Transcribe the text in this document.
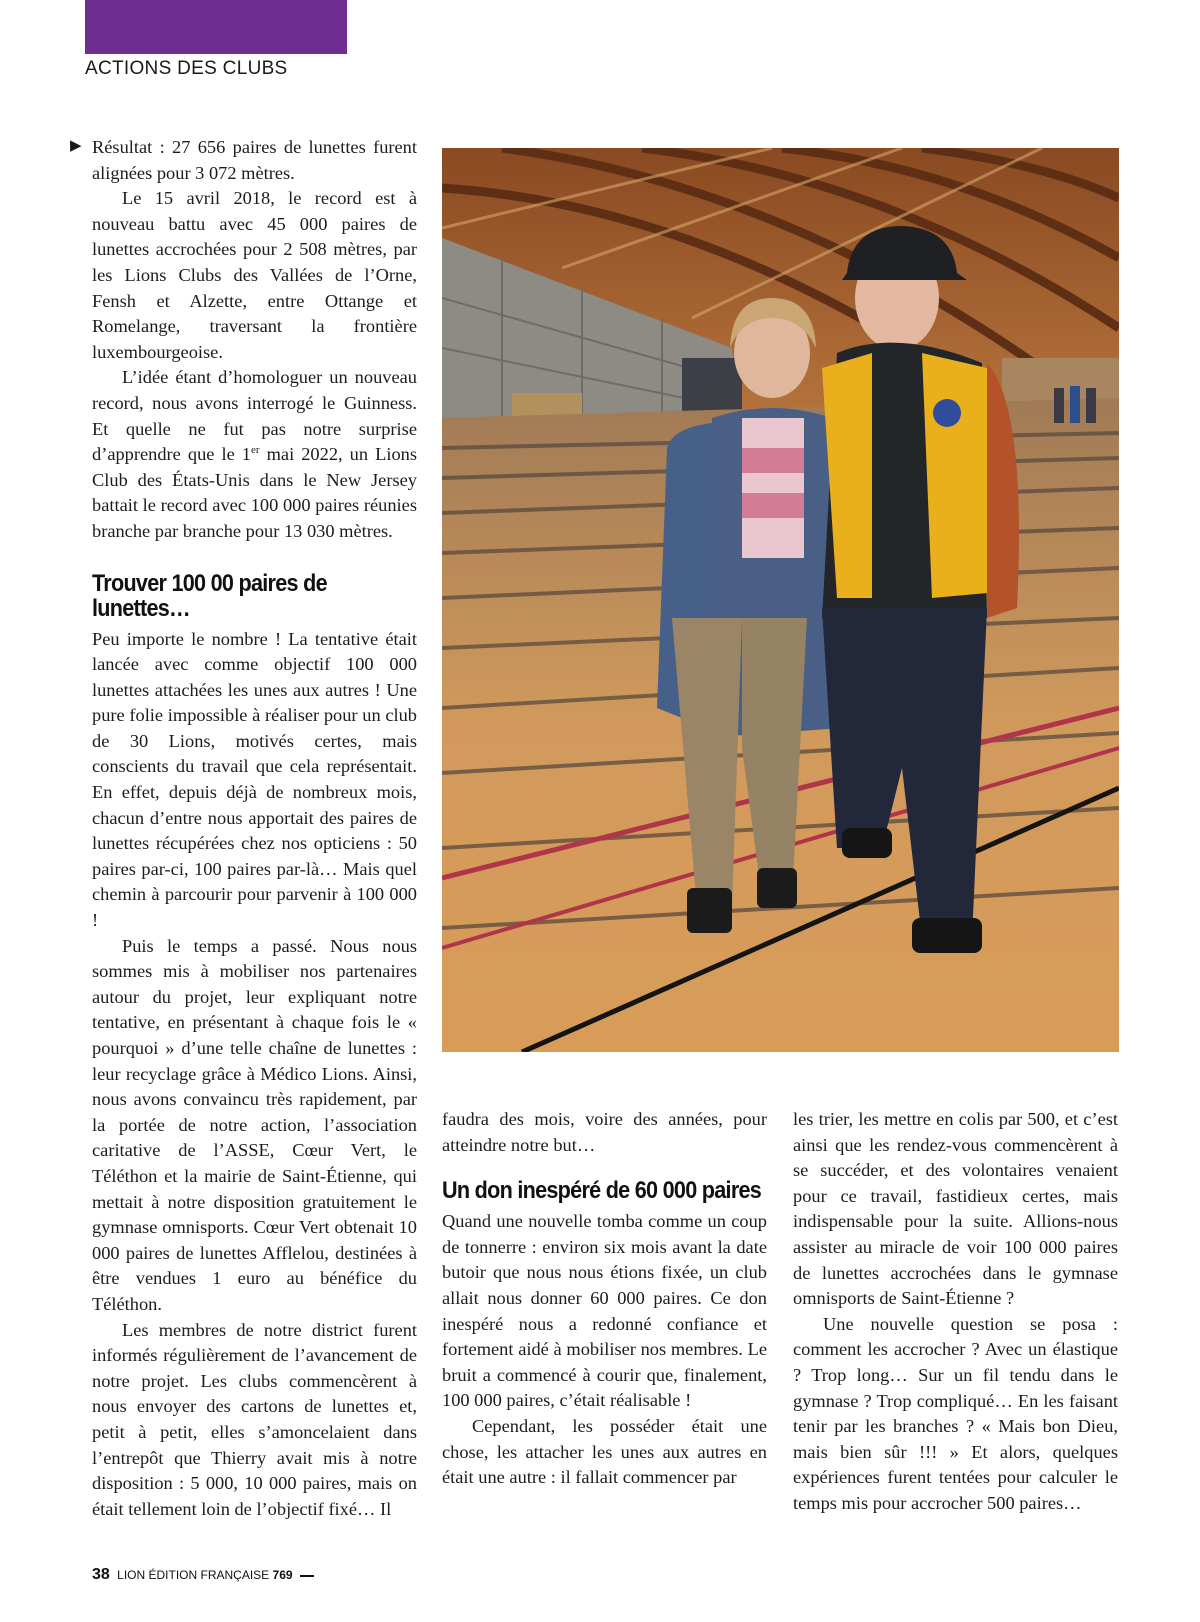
ACTIONS DES CLUBS
▶ Résultat : 27 656 paires de lunettes furent alignées pour 3 072 mètres.

Le 15 avril 2018, le record est à nouveau battu avec 45 000 paires de lunettes accrochées pour 2 508 mètres, par les Lions Clubs des Vallées de l’Orne, Fensh et Alzette, entre Ottange et Romelange, traversant la frontière luxembourgeoise.

L’idée étant d’homologuer un nouveau record, nous avons interrogé le Guinness. Et quelle ne fut pas notre surprise d’apprendre que le 1er mai 2022, un Lions Club des États-Unis dans le New Jersey battait le record avec 100 000 paires réunies branche par branche pour 13 030 mètres.

Trouver 100 00 paires de lunettes…

Peu importe le nombre ! La tentative était lancée avec comme objectif 100 000 lunettes attachées les unes aux autres ! Une pure folie impossible à réaliser pour un club de 30 Lions, motivés certes, mais conscients du travail que cela représentait. En effet, depuis déjà de nombreux mois, chacun d’entre nous apportait des paires de lunettes récupérées chez nos opticiens : 50 paires par-ci, 100 paires par-là… Mais quel chemin à parcourir pour parvenir à 100 000 !

Puis le temps a passé. Nous nous sommes mis à mobiliser nos partenaires autour du projet, leur expliquant notre tentative, en présentant à chaque fois le « pourquoi » d’une telle chaîne de lunettes : leur recyclage grâce à Médico Lions. Ainsi, nous avons convaincu très rapidement, par la portée de notre action, l’association caritative de l’ASSE, Cœur Vert, le Téléthon et la mairie de Saint-Étienne, qui mettait à notre disposition gratuitement le gymnase omnisports. Cœur Vert obtenait 10 000 paires de lunettes Afflelou, destinées à être vendues 1 euro au bénéfice du Téléthon.

Les membres de notre district furent informés régulièrement de l’avancement de notre projet. Les clubs commencèrent à nous envoyer des cartons de lunettes et, petit à petit, elles s’amoncelaient dans l’entrepôt que Thierry avait mis à notre disposition : 5 000, 10 000 paires, mais on était tellement loin de l’objectif fixé… Il

faudra des mois, voire des années, pour atteindre notre but…

Un don inespéré de 60 000 paires

Quand une nouvelle tomba comme un coup de tonnerre : environ six mois avant la date butoir que nous nous étions fixée, un club allait nous donner 60 000 paires. Ce don inespéré nous a redonné confiance et fortement aidé à mobiliser nos membres. Le bruit a commencé à courir que, finalement, 100 000 paires, c’était réalisable !

Cependant, les posséder était une chose, les attacher les unes aux autres en était une autre : il fallait commencer par

les trier, les mettre en colis par 500, et c’est ainsi que les rendez-vous commencèrent à se succéder, et des volontaires venaient pour ce travail, fastidieux certes, mais indispensable pour la suite. Allions-nous assister au miracle de voir 100 000 paires de lunettes accrochées dans le gymnase omnisports de Saint-Étienne ?

Une nouvelle question se posa : comment les accrocher ? Avec un élastique ? Trop long… Sur un fil tendu dans le gymnase ? Trop compliqué… En les faisant tenir par les branches ? « Mais bon Dieu, mais bien sûr !!! » Et alors, quelques expériences furent tentées pour calculer le temps mis pour accrocher 500 paires…

38 LION ÉDITION FRANÇAISE 769
